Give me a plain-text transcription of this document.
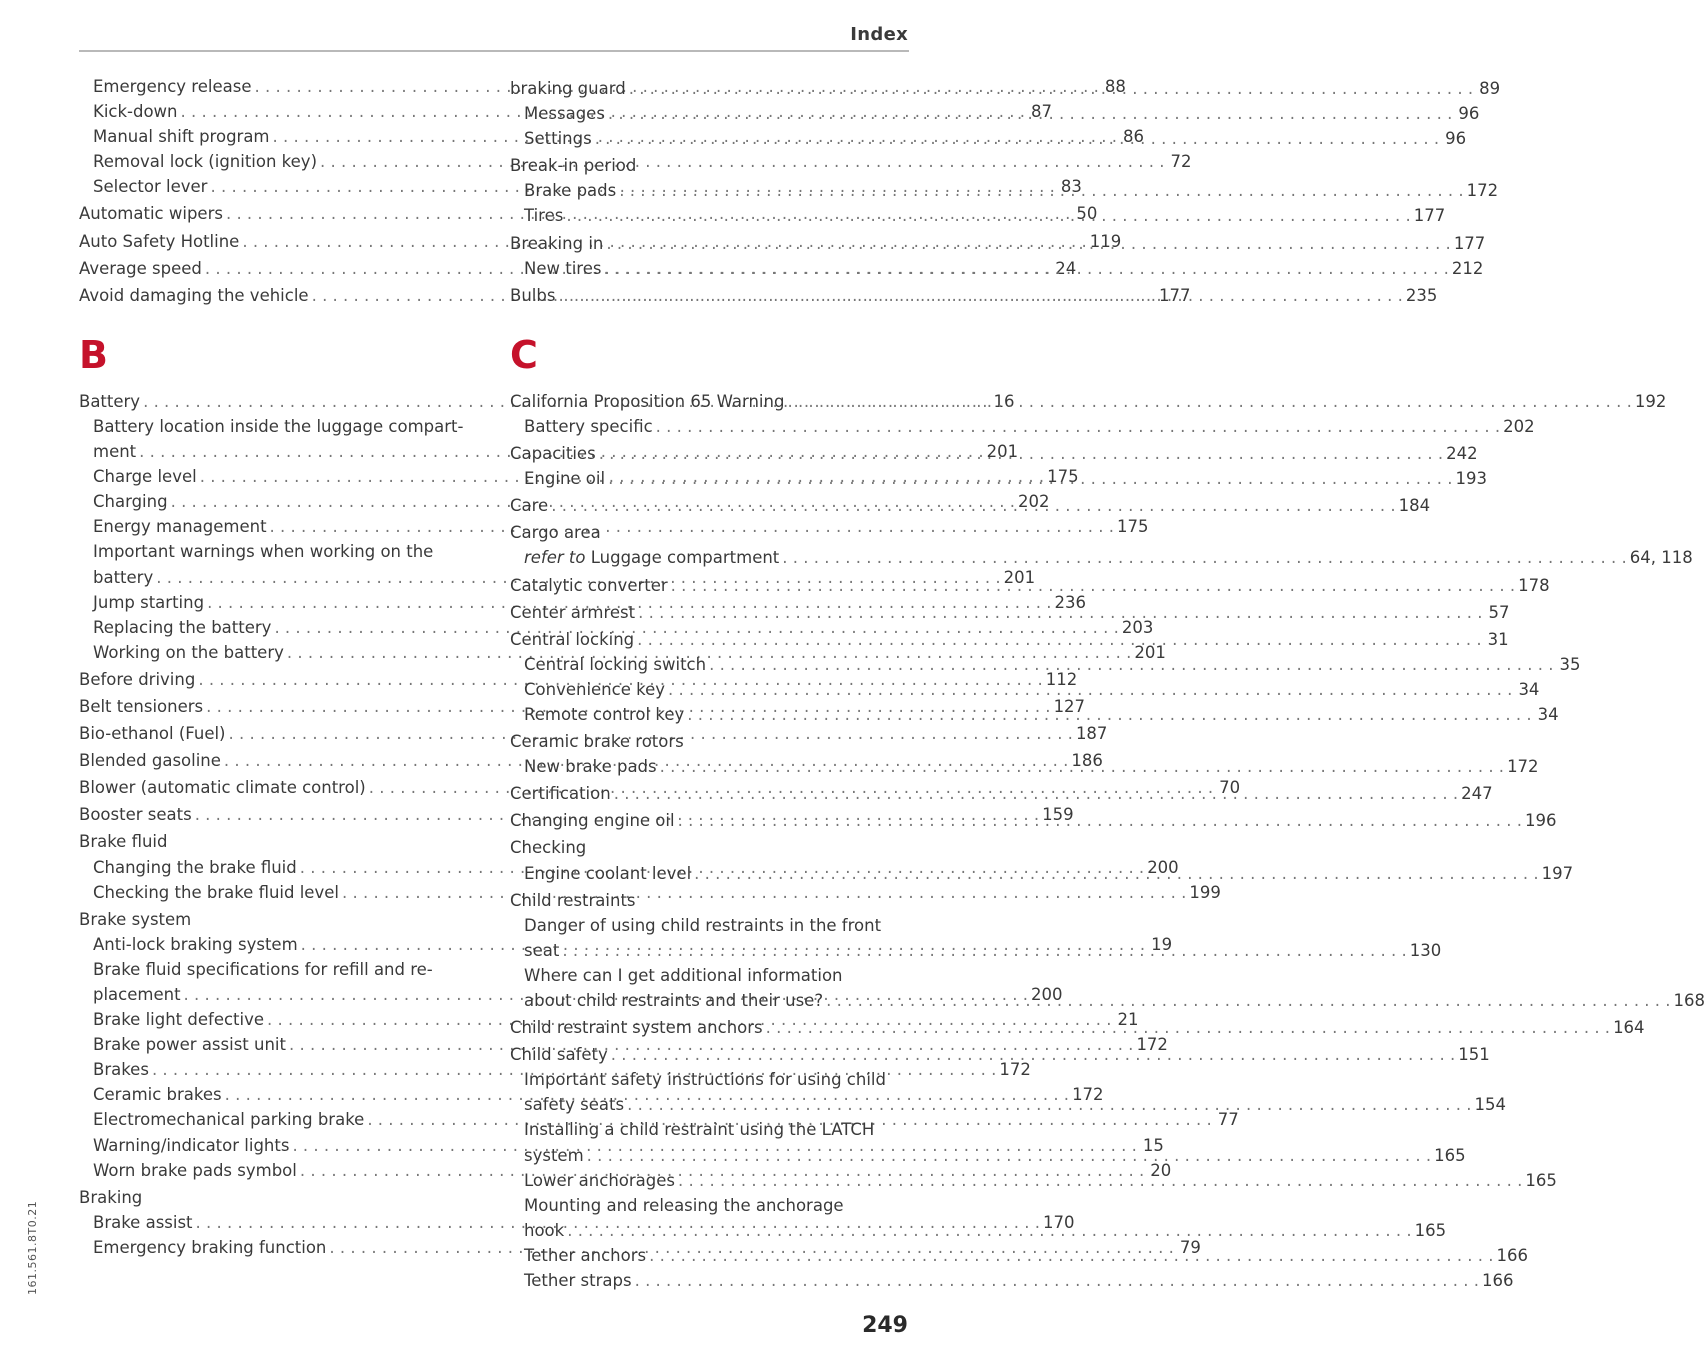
Index
Emergency release . . .	88
Kick-down . . .	87
Manual shift program . . .	86
Removal lock (ignition key) . . .	72
Selector lever . . .	83
Automatic wipers . . .	50
Auto Safety Hotline . . .	119
Average speed . . .	24
Avoid damaging the vehicle . . .	177
B
Battery . . .	16
Battery location inside the luggage compart-
ment . . .	201
Charge level . . .	175
Charging . . .	202
Energy management . . .	175
Important warnings when working on the
battery . . .	201
Jump starting . . .	236
Replacing the battery . . .	203
Working on the battery . . .	201
Before driving . . .	112
Belt tensioners . . .	127
Bio-ethanol (Fuel) . . .	187
Blended gasoline . . .	186
Blower (automatic climate control) . . .	70
Booster seats . . .	159
Brake fluid
Changing the brake fluid . . .	200
Checking the brake fluid level . . .	199
Brake system
Anti-lock braking system . . .	19
Brake fluid specifications for refill and re-
placement . . .	200
Brake light defective . . .	21
Brake power assist unit . . .	172
Brakes . . .	172
Ceramic brakes . . .	172
Electromechanical parking brake . . .	77
Warning/indicator lights . . .	15
Worn brake pads symbol . . .	20
Braking
Brake assist . . .	170
Emergency braking function . . .	79
braking guard . . .	89
Messages . . .	96
Settings . . .	96
Break-in period
Brake pads . . .	172
Tires . . .	177
Breaking in . . .	177
New tires . . .	212
Bulbs . . .	235
C
California Proposition 65 Warning . . .	192
Battery specific . . .	202
Capacities . . .	242
Engine oil . . .	193
Care . . .	184
Cargo area
refer to Luggage compartment . . .	64, 118
Catalytic converter . . .	178
Center armrest . . .	57
Central locking . . .	31
Central locking switch . . .	35
Convenience key . . .	34
Remote control key . . .	34
Ceramic brake rotors
New brake pads . . .	172
Certification . . .	247
Changing engine oil . . .	196
Checking
Engine coolant level . . .	197
Child restraints
Danger of using child restraints in the front
seat . . .	130
Where can I get additional information
about child restraints and their use? . . .	168
Child restraint system anchors . . .	164
Child safety . . .	151
Important safety instructions for using child
safety seats . . .	154
Installing a child restraint using the LATCH
system . . .	165
Lower anchorages . . .	165
Mounting and releasing the anchorage
hook . . .	165
Tether anchors . . .	166
Tether straps . . .	166
161.561.8T0.21
249
